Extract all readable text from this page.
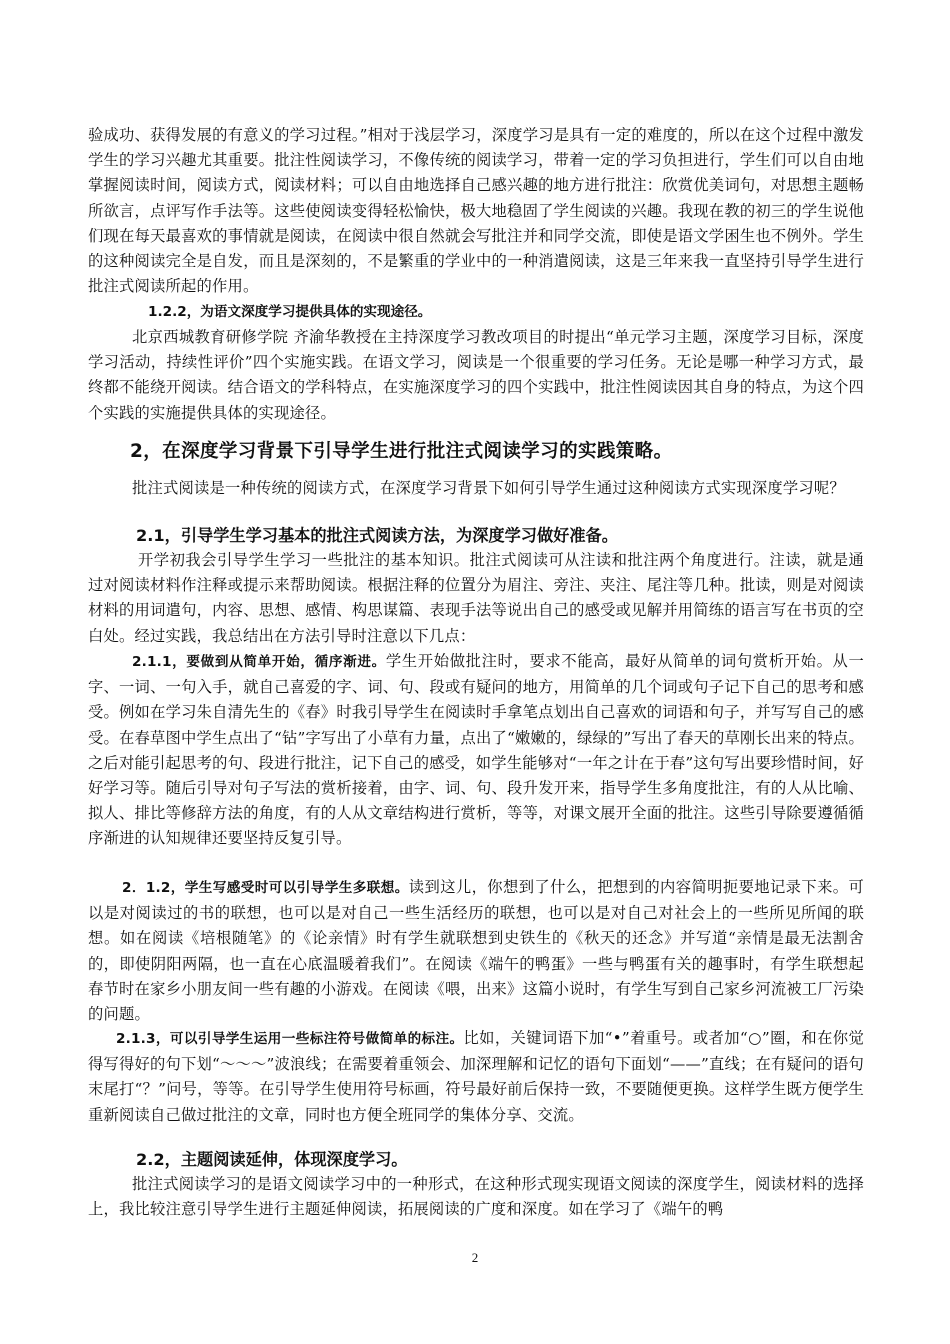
验成功、获得发展的有意义的学习过程。”相对于浅层学习，深度学习是具有一定的难度的，所以在这个过程中激发学生的学习兴趣尤其重要。批注性阅读学习，不像传统的阅读学习，带着一定的学习负担进行，学生们可以自由地掌握阅读时间，阅读方式，阅读材料；可以自由地选择自己感兴趣的地方进行批注：欣赏优美词句，对思想主题畅所欲言，点评写作手法等。这些使阅读变得轻松愉快，极大地稳固了学生阅读的兴趣。我现在教的初三的学生说他们现在每天最喜欢的事情就是阅读，在阅读中很自然就会写批注并和同学交流，即使是语文学困生也不例外。学生的这种阅读完全是自发，而且是深刻的，不是繁重的学业中的一种消遣阅读，这是三年来我一直坚持引导学生进行批注式阅读所起的作用。

1.2.2，为语文深度学习提供具体的实现途径。

北京西城教育研修学院 齐渝华教授在主持深度学习教改项目的时提出“单元学习主题，深度学习目标，深度学习活动，持续性评价”四个实施实践。在语文学习，阅读是一个很重要的学习任务。无论是哪一种学习方式，最终都不能绕开阅读。结合语文的学科特点，在实施深度学习的四个实践中，批注性阅读因其自身的特点，为这个四个实践的实施提供具体的实现途径。

2，在深度学习背景下引导学生进行批注式阅读学习的实践策略。

批注式阅读是一种传统的阅读方式，在深度学习背景下如何引导学生通过这种阅读方式实现深度学习呢？

2.1，引导学生学习基本的批注式阅读方法，为深度学习做好准备。

开学初我会引导学生学习一些批注的基本知识。批注式阅读可从注读和批注两个角度进行。注读，就是通过对阅读材料作注释或提示来帮助阅读。根据注释的位置分为眉注、旁注、夹注、尾注等几种。批读，则是对阅读材料的用词遣句，内容、思想、感情、构思谋篇、表现手法等说出自己的感受或见解并用简练的语言写在书页的空白处。经过实践，我总结出在方法引导时注意以下几点：

2.1.1，要做到从简单开始，循序渐进。学生开始做批注时，要求不能高，最好从简单的词句赏析开始。从一字、一词、一句入手，就自己喜爱的字、词、句、段或有疑问的地方，用简单的几个词或句子记下自己的思考和感受。例如在学习朱自清先生的《春》时我引导学生在阅读时手拿笔点划出自己喜欢的词语和句子，并写写自己的感受。在春草图中学生点出了“钻”字写出了小草有力量，点出了“嫩嫩的，绿绿的”写出了春天的草刚长出来的特点。之后对能引起思考的句、段进行批注，记下自己的感受，如学生能够对“一年之计在于春”这句写出要珍惜时间，好好学习等。随后引导对句子写法的赏析接着，由字、词、句、段升发开来，指导学生多角度批注，有的人从比喻、拟人、排比等修辞方法的角度，有的人从文章结构进行赏析，等等，对课文展开全面的批注。这些引导除要遵循循序渐进的认知规律还要坚持反复引导。

2．1.2，学生写感受时可以引导学生多联想。读到这儿，你想到了什么，把想到的内容简明扼要地记录下来。可以是对阅读过的书的联想，也可以是对自己一些生活经历的联想，也可以是对自己对社会上的一些所见所闻的联想。如在阅读《培根随笔》的《论亲情》时有学生就联想到史铁生的《秋天的还念》并写道“亲情是最无法割舍的，即使阴阳两隔，也一直在心底温暖着我们”。在阅读《端午的鸭蛋》一些与鸭蛋有关的趣事时，有学生联想起春节时在家乡小朋友间一些有趣的小游戏。在阅读《喂，出来》这篇小说时，有学生写到自己家乡河流被工厂污染的问题。

2.1.3，可以引导学生运用一些标注符号做简单的标注。比如，关键词语下加“•”着重号。或者加“○”圈，和在你觉得写得好的句下划“～～～”波浪线；在需要着重领会、加深理解和记忆的语句下面划“——”直线；在有疑问的语句末尾打“？”问号，等等。在引导学生使用符号标画，符号最好前后保持一致，不要随便更换。这样学生既方便学生重新阅读自己做过批注的文章，同时也方便全班同学的集体分享、交流。

2.2，主题阅读延伸，体现深度学习。

批注式阅读学习的是语文阅读学习中的一种形式，在这种形式现实现语文阅读的深度学生，阅读材料的选择上，我比较注意引导学生进行主题延伸阅读，拓展阅读的广度和深度。如在学习了《端午的鸭

2
